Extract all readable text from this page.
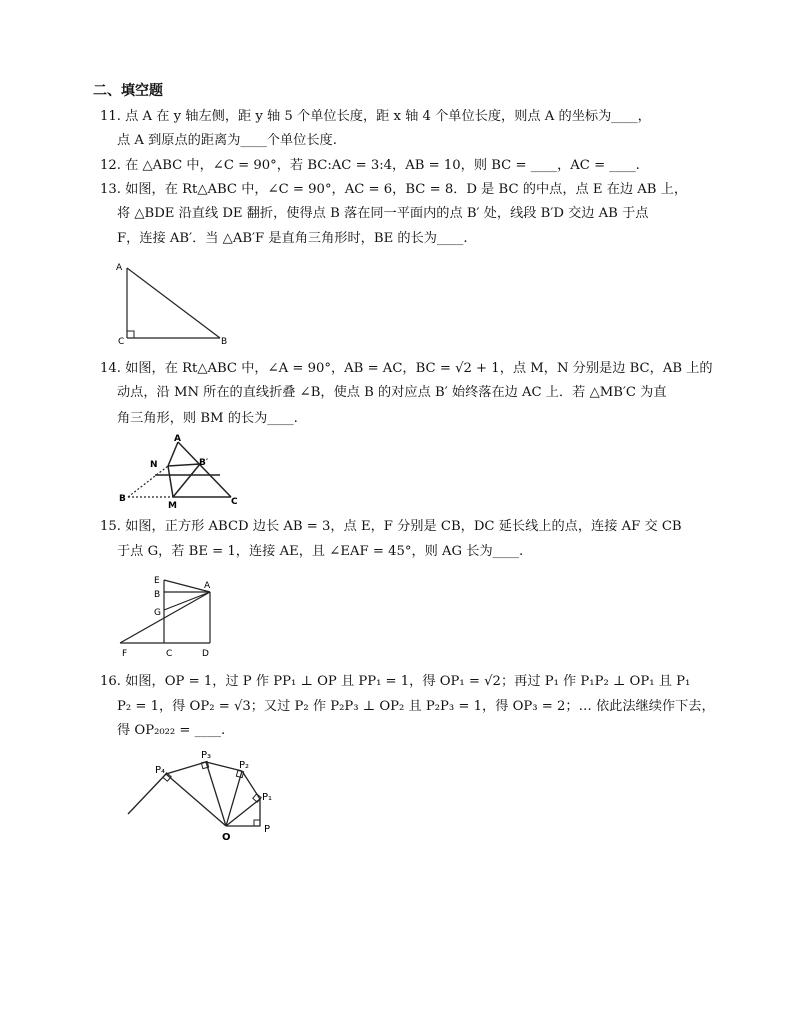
二、填空题
11. 点 A 在 y 轴左侧，距 y 轴 5 个单位长度，距 x 轴 4 个单位长度，则点 A 的坐标为____，
点 A 到原点的距离为____个单位长度.
12. 在 △ABC 中，∠C = 90°，若 BC:AC = 3:4，AB = 10，则 BC = ____，AC = ____.
13. 如图，在 Rt△ABC 中，∠C = 90°，AC = 6，BC = 8．D 是 BC 的中点，点 E 在边 AB 上，
将 △BDE 沿直线 DE 翻折，使得点 B 落在同一平面内的点 B′ 处，线段 B′D 交边 AB 于点
F，连接 AB′．当 △AB′F 是直角三角形时，BE 的长为____.
A
C	B
14. 如图，在 Rt△ABC 中，∠A = 90°，AB = AC，BC = √2 + 1，点 M，N 分别是边 BC，AB 上的
动点，沿 MN 所在的直线折叠 ∠B，使点 B 的对应点 B′ 始终落在边 AC 上．若 △MB′C 为直
角三角形，则 BM 的长为____.
A
N	B′
B
M	C
15. 如图，正方形 ABCD 边长 AB = 3，点 E，F 分别是 CB，DC 延长线上的点，连接 AF 交 CB
于点 G，若 BE = 1，连接 AE，且 ∠EAF = 45°，则 AG 长为____.
E	A
B
G
F	C	D
16. 如图，OP = 1，过 P 作 PP₁ ⊥ OP 且 PP₁ = 1，得 OP₁ = √2；再过 P₁ 作 P₁P₂ ⊥ OP₁ 且 P₁
P₂ = 1，得 OP₂ = √3；又过 P₂ 作 P₂P₃ ⊥ OP₂ 且 P₂P₃ = 1，得 OP₃ = 2；… 依此法继续作下去，
得 OP₂₀₂₂ = ____.
P₄
P₃
P₂
P₁
O
P
